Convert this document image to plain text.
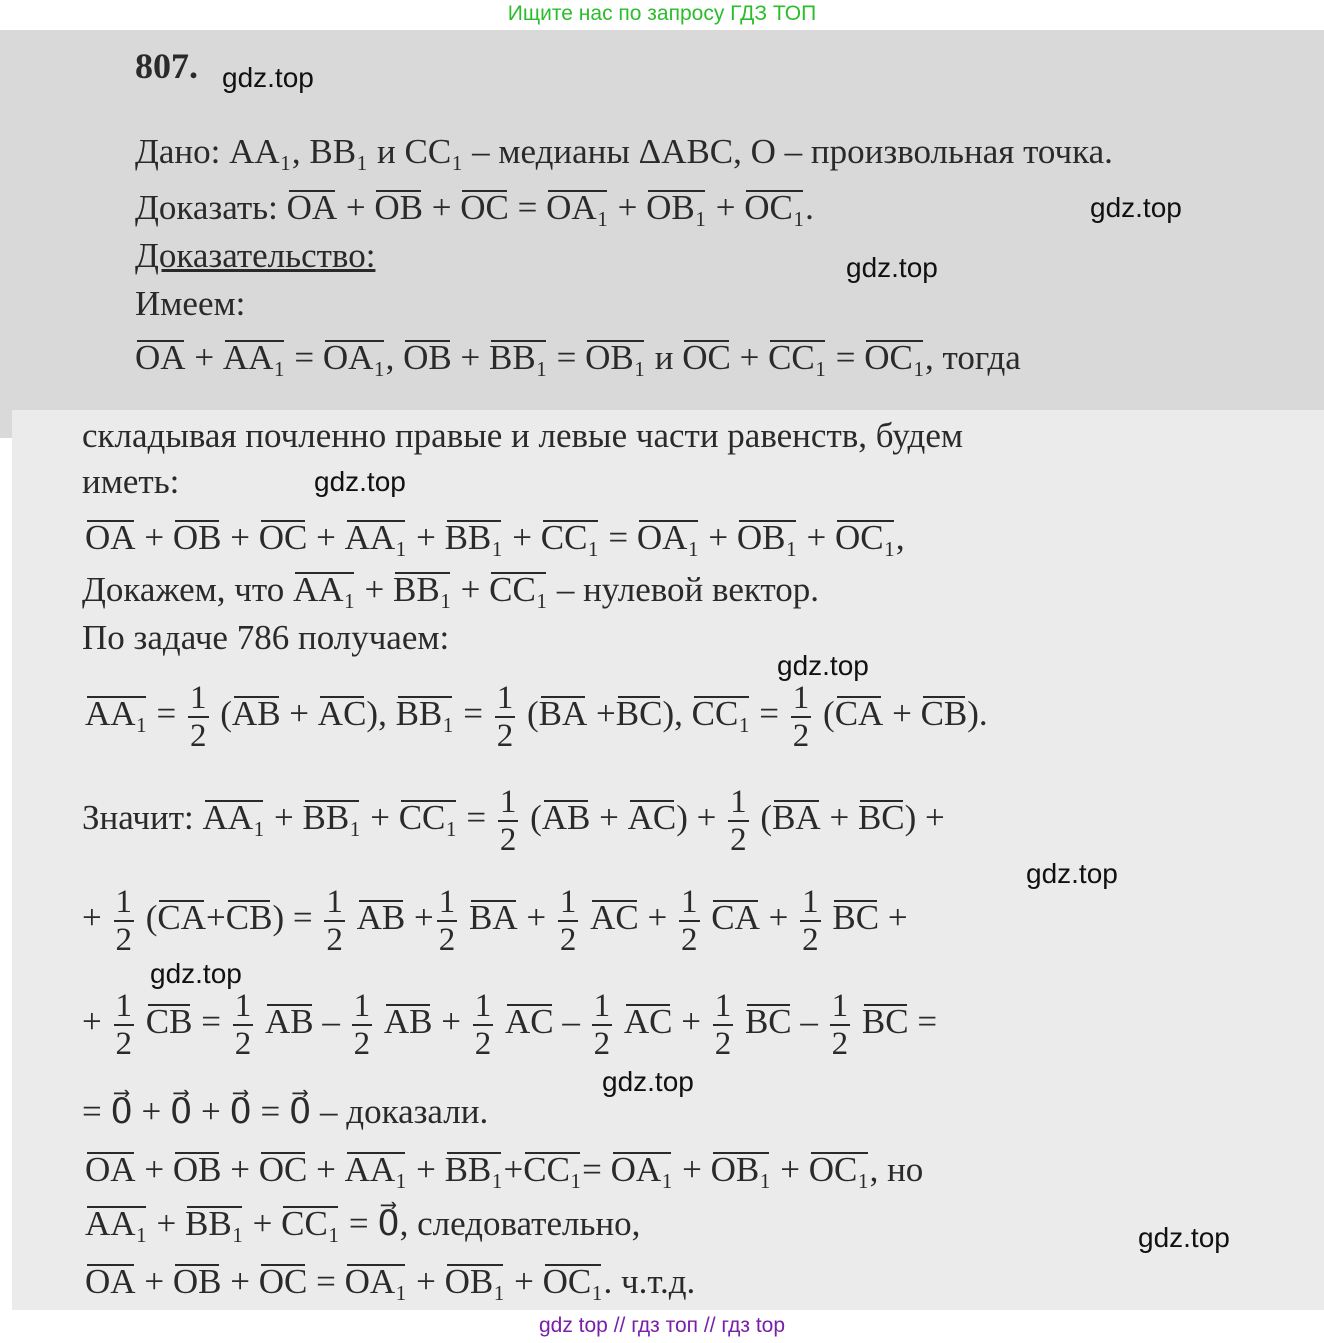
Ищите нас по запросу ГДЗ ТОП
807.
Дано: AA₁, BB₁ и CC₁ – медианы ΔABC, O – произвольная точка.
Доказать: OA + OB + OC = OA₁ + OB₁ + OC₁.
Доказательство:
Имеем:
OA + AA₁ = OA₁, OB + BB₁ = OB₁ и OC + CC₁ = OC₁, тогда
складывая почленно правые и левые части равенств, будем
иметь:
OA + OB + OC + AA₁ + BB₁ + CC₁ = OA₁ + OB₁ + OC₁,
Докажем, что AA₁ + BB₁ + CC₁ – нулевой вектор.
По задаче 786 получаем:
$AA_1 = \frac{1}{2} (AB + AC)$, $BB_1 = \frac{1}{2} (BA +BC)$, $CC_1 = \frac{1}{2} (CA + CB)$.
Значит: $AA_1 + BB_1 + CC_1 = \frac{1}{2} (AB + AC) + \frac{1}{2} (BA + BC)$ +
+ $\frac{1}{2} (CA+CB) = \frac{1}{2}$ AB + $\frac{1}{2}$ BA + $\frac{1}{2}$ AC + $\frac{1}{2}$ CA + $\frac{1}{2}$ BC +
+ $\frac{1}{2}$ CB = $\frac{1}{2}$ AB – $\frac{1}{2}$ AB + $\frac{1}{2}$ AC – $\frac{1}{2}$ AC + $\frac{1}{2}$ BC – $\frac{1}{2}$ BC =
= 0⃗ + 0⃗ + 0⃗ = 0⃗ – доказали.
OA + OB + OC + AA₁ + BB₁+CC₁= OA₁ + OB₁ + OC₁, но
AA₁ + BB₁ + CC₁ = 0⃗, следовательно,
OA + OB + OC = OA₁ + OB₁ + OC₁. ч.т.д.
gdz.top
gdz.top
gdz.top
gdz.top
gdz.top
gdz.top
gdz.top
gdz.top
gdz.top
gdz top // гдз топ // гдз top
